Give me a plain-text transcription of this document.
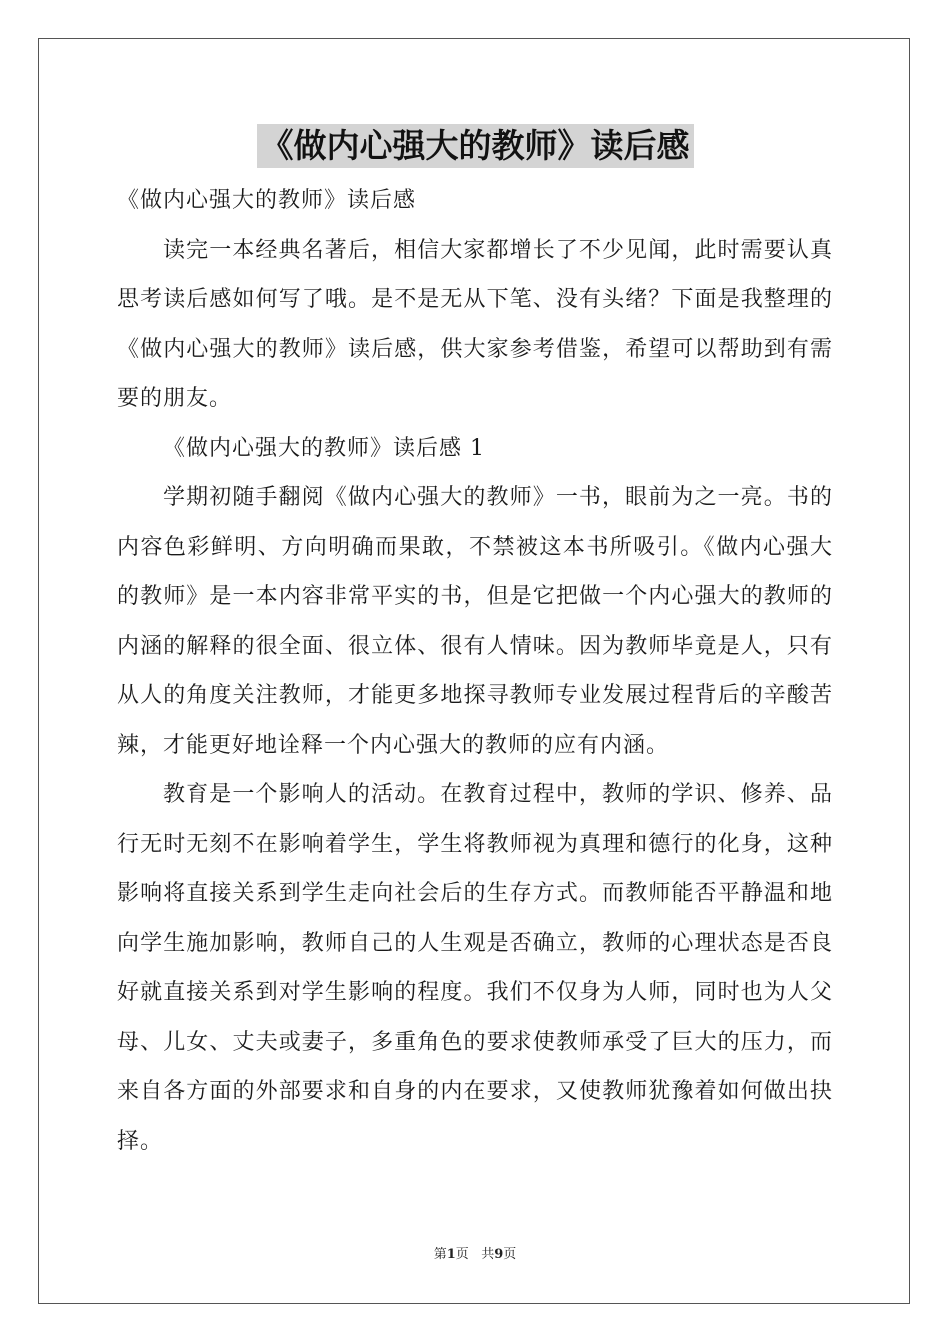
《做内心强大的教师》读后感

《做内心强大的教师》读后感

读完一本经典名著后，相信大家都增长了不少见闻，此时需要认真思考读后感如何写了哦。是不是无从下笔、没有头绪？下面是我整理的《做内心强大的教师》读后感，供大家参考借鉴，希望可以帮助到有需要的朋友。

《做内心强大的教师》读后感 1

学期初随手翻阅《做内心强大的教师》一书，眼前为之一亮。书的内容色彩鲜明、方向明确而果敢，不禁被这本书所吸引。《做内心强大的教师》是一本内容非常平实的书，但是它把做一个内心强大的教师的内涵的解释的很全面、很立体、很有人情味。因为教师毕竟是人，只有从人的角度关注教师，才能更多地探寻教师专业发展过程背后的辛酸苦辣，才能更好地诠释一个内心强大的教师的应有内涵。

教育是一个影响人的活动。在教育过程中，教师的学识、修养、品行无时无刻不在影响着学生，学生将教师视为真理和德行的化身，这种影响将直接关系到学生走向社会后的生存方式。而教师能否平静温和地向学生施加影响，教师自己的人生观是否确立，教师的心理状态是否良好就直接关系到对学生影响的程度。我们不仅身为人师，同时也为人父母、儿女、丈夫或妻子，多重角色的要求使教师承受了巨大的压力，而来自各方面的外部要求和自身的内在要求，又使教师犹豫着如何做出抉择。

第1页 共9页
